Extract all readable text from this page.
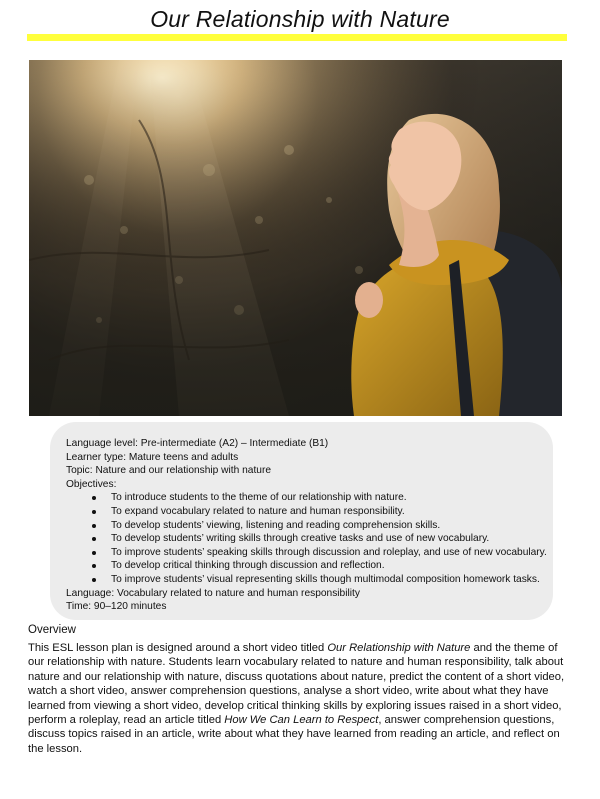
Our Relationship with Nature
Language level: Pre-intermediate (A2) – Intermediate (B1)
Learner type: Mature teens and adults
Topic: Nature and our relationship with nature
Objectives:
To introduce students to the theme of our relationship with nature.
To expand vocabulary related to nature and human responsibility.
To develop students’ viewing, listening and reading comprehension skills.
To develop students’ writing skills through creative tasks and use of new vocabulary.
To improve students’ speaking skills through discussion and roleplay, and use of new vocabulary.
To develop critical thinking through discussion and reflection.
To improve students’ visual representing skills though multimodal composition homework tasks.
Language: Vocabulary related to nature and human responsibility
Time: 90–120 minutes
Overview
This ESL lesson plan is designed around a short video titled Our Relationship with Nature and the theme of our relationship with nature. Students learn vocabulary related to nature and human responsibility, talk about nature and our relationship with nature, discuss quotations about nature, predict the content of a short video, watch a short video, answer comprehension questions, analyse a short video, write about what they have learned from viewing a short video, develop critical thinking skills by exploring issues raised in a short video, perform a roleplay, read an article titled How We Can Learn to Respect, answer comprehension questions, discuss topics raised in an article, write about what they have learned from reading an article, and reflect on the lesson.
